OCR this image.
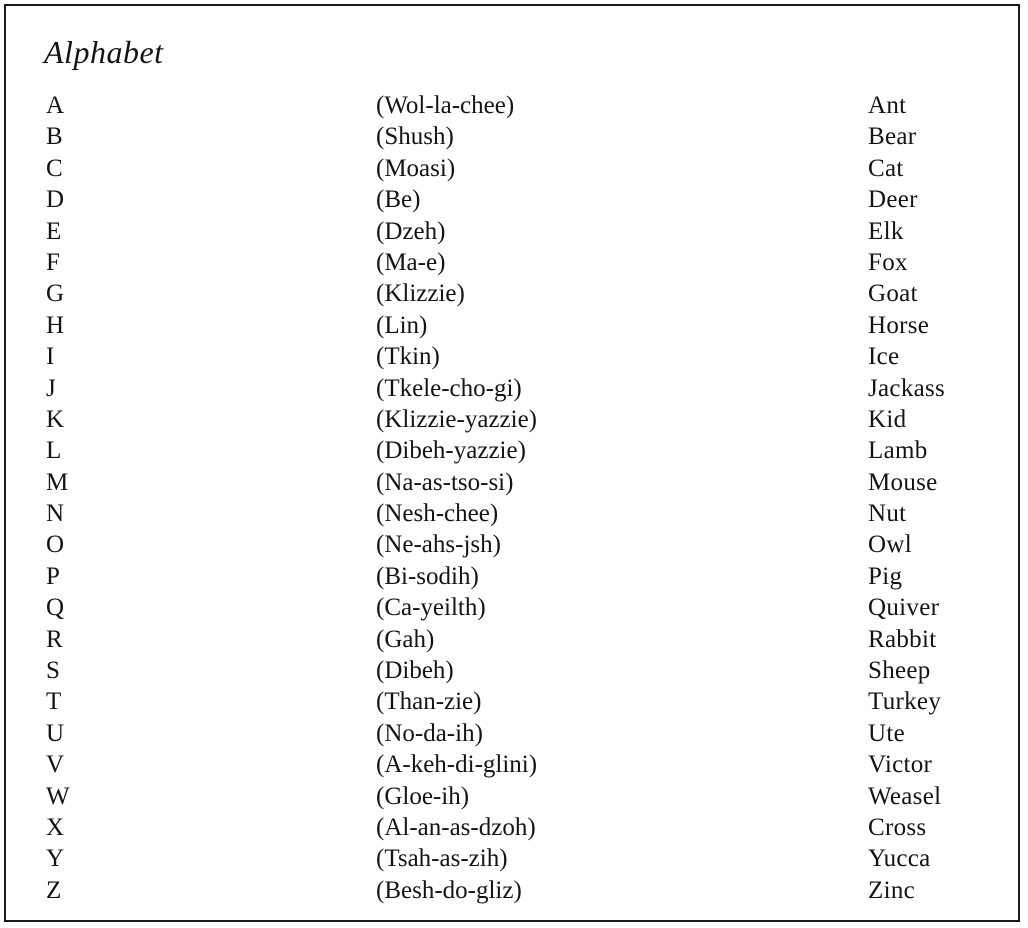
Alphabet
A	(Wol-la-chee)	Ant
B	(Shush)	Bear
C	(Moasi)	Cat
D	(Be)	Deer
E	(Dzeh)	Elk
F	(Ma-e)	Fox
G	(Klizzie)	Goat
H	(Lin)	Horse
I	(Tkin)	Ice
J	(Tkele-cho-gi)	Jackass
K	(Klizzie-yazzie)	Kid
L	(Dibeh-yazzie)	Lamb
M	(Na-as-tso-si)	Mouse
N	(Nesh-chee)	Nut
O	(Ne-ahs-jsh)	Owl
P	(Bi-sodih)	Pig
Q	(Ca-yeilth)	Quiver
R	(Gah)	Rabbit
S	(Dibeh)	Sheep
T	(Than-zie)	Turkey
U	(No-da-ih)	Ute
V	(A-keh-di-glini)	Victor
W	(Gloe-ih)	Weasel
X	(Al-an-as-dzoh)	Cross
Y	(Tsah-as-zih)	Yucca
Z	(Besh-do-gliz)	Zinc
